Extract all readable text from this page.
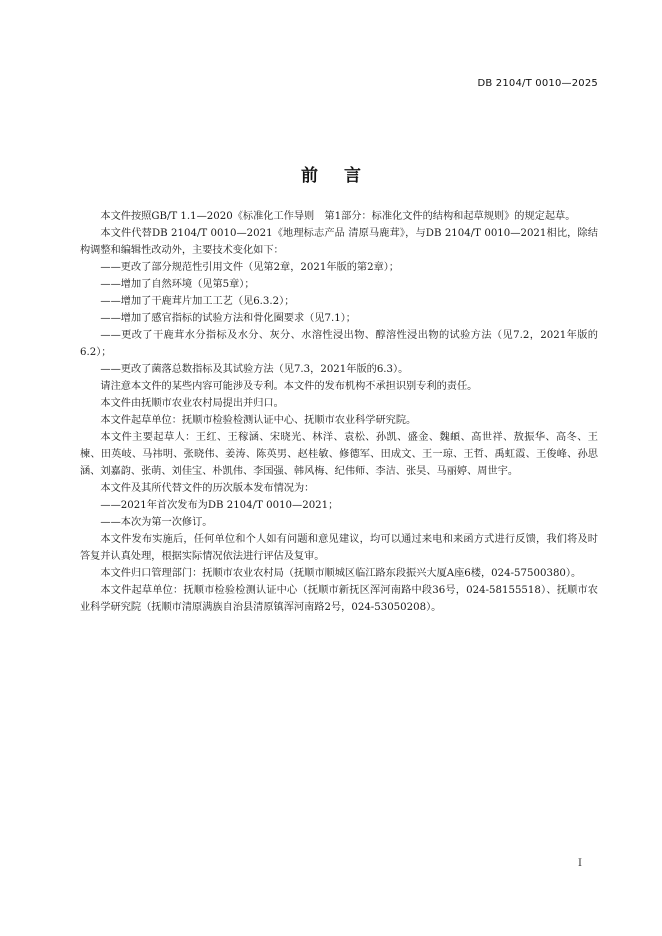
DB 2104/T 0010—2025
前言

本文件按照GB/T 1.1—2020《标准化工作导则　第1部分：标准化文件的结构和起草规则》的规定起草。

本文件代替DB 2104/T 0010—2021《地理标志产品 清原马鹿茸》，与DB 2104/T 0010—2021相比，除结构调整和编辑性改动外，主要技术变化如下：

——更改了部分规范性引用文件（见第2章，2021年版的第2章）；

——增加了自然环境（见第5章）；

——增加了干鹿茸片加工工艺（见6.3.2）；

——增加了感官指标的试验方法和骨化圈要求（见7.1）；

——更改了干鹿茸水分指标及水分、灰分、水溶性浸出物、醇溶性浸出物的试验方法（见7.2，2021年版的6.2）；

——更改了菌落总数指标及其试验方法（见7.3，2021年版的6.3）。

请注意本文件的某些内容可能涉及专利。本文件的发布机构不承担识别专利的责任。

本文件由抚顺市农业农村局提出并归口。

本文件起草单位：抚顺市检验检测认证中心、抚顺市农业科学研究院。

本文件主要起草人：王红、王稼涵、宋晓光、林洋、袁松、孙凯、盛金、魏頔、高世祥、敖振华、高冬、王楝、田英岐、马祎明、张晓伟、姜涛、陈英男、赵桂敏、修德军、田成文、王一琼、王哲、禹虹霞、王俊峰、孙思涵、刘嘉韵、张萌、刘佳宝、朴凯伟、李国强、韩风梅、纪伟师、李洁、张昊、马丽婷、周世宇。

本文件及其所代替文件的历次版本发布情况为：

——2021年首次发布为DB 2104/T 0010—2021；

——本次为第一次修订。

本文件发布实施后，任何单位和个人如有问题和意见建议，均可以通过来电和来函方式进行反馈，我们将及时答复并认真处理，根据实际情况依法进行评估及复审。

本文件归口管理部门：抚顺市农业农村局（抚顺市顺城区临江路东段振兴大厦A座6楼，024-57500380）。

本文件起草单位：抚顺市检验检测认证中心（抚顺市新抚区浑河南路中段36号，024-58155518）、抚顺市农业科学研究院（抚顺市清原满族自治县清原镇浑河南路2号，024-53050208）。

I
